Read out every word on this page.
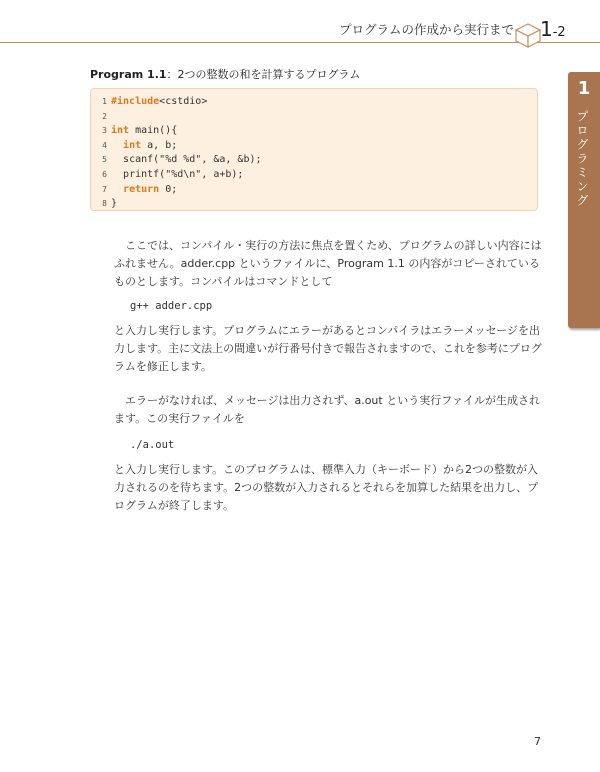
プログラムの作成から実行まで 1-2
1
プログラミング
Program 1.1：2つの整数の和を計算するプログラム
1 #include<cstdio>
2
3 int main(){
4	int a, b;
5	scanf("%d %d", &a, &b);
6	printf("%d\n", a+b);
7	return 0;
8 }
ここでは、コンパイル・実行の方法に焦点を置くため、プログラムの詳しい内容にはふれません。adder.cpp というファイルに、Program 1.1 の内容がコピーされているものとします。コンパイルはコマンドとして
g++ adder.cpp
と入力し実行します。プログラムにエラーがあるとコンパイラはエラーメッセージを出力します。主に文法上の間違いが行番号付きで報告されますので、これを参考にプログラムを修正します。
エラーがなければ、メッセージは出力されず、a.out という実行ファイルが生成されます。この実行ファイルを
./a.out
と入力し実行します。このプログラムは、標準入力（キーボード）から2つの整数が入力されるのを待ちます。2つの整数が入力されるとそれらを加算した結果を出力し、プログラムが終了します。
7
